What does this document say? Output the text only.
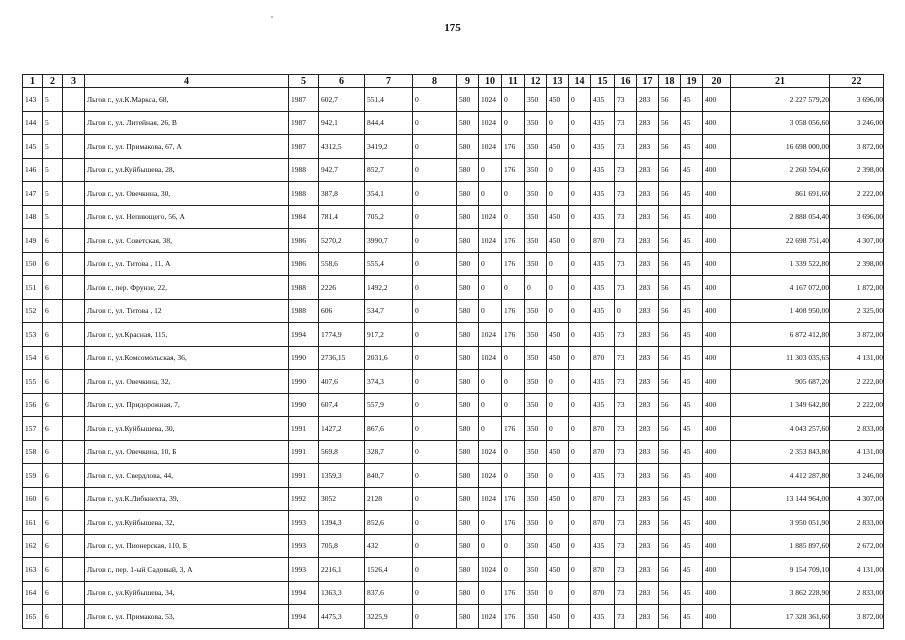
175
1	2	3	4	5	6	7	8	9	10	11	12	13	14	15	16	17	18	19	20	21	22
143	5		Льгов г., ул.К.Маркса, 68,	1987	602,7	551,4	0	580	1024	0	350	450	0	435	73	283	56	45	400	2 227 579,20	3 696,00
144	5		Льгов г., ул. Литейная, 26, В	1987	942,1	844,4	0	580	1024	0	350	0	0	435	73	283	56	45	400	3 058 056,60	3 246,00
145	5		Льгов г., ул. Примакова, 67, А	1987	4312,5	3419,2	0	580	1024	176	350	450	0	435	73	283	56	45	400	16 698 000,00	3 872,00
146	5		Льгов г., ул.Куйбышева, 28,	1988	942,7	852,7	0	580	0	176	350	0	0	435	73	283	56	45	400	2 260 594,60	2 398,00
147	5		Льгов г., ул. Овечкина, 30,	1988	387,8	354,1	0	580	0	0	350	0	0	435	73	283	56	45	400	861 691,60	2 222,00
148	5		Льгов г., ул. Непиющего, 56, А	1984	781,4	705,2	0	580	1024	0	350	450	0	435	73	283	56	45	400	2 888 054,40	3 696,00
149	6		Льгов г., ул. Советская, 38,	1986	5270,2	3990,7	0	580	1024	176	350	450	0	870	73	283	56	45	400	22 698 751,40	4 307,00
150	6		Льгов г., ул. Титова , 11, А	1986	558,6	555,4	0	580	0	176	350	0	0	435	73	283	56	45	400	1 339 522,80	2 398,00
151	6		Льгов г., пер. Фрунзе, 22,	1988	2226	1492,2	0	580	0	0	0	0	0	435	73	283	56	45	400	4 167 072,00	1 872,00
152	6		Льгов г., ул. Титова , 12	1988	606	534,7	0	580	0	176	350	0	0	435	0	283	56	45	400	1 408 950,00	2 325,00
153	6		Льгов г., ул.Красная, 115,	1994	1774,9	917,2	0	580	1024	176	350	450	0	435	73	283	56	45	400	6 872 412,80	3 872,00
154	6		Льгов г., ул.Комсомольская, 36,	1990	2736,15	2031,6	0	580	1024	0	350	450	0	870	73	283	56	45	400	11 303 035,65	4 131,00
155	6		Льгов г., ул. Овечкина, 32,	1990	407,6	374,3	0	580	0	0	350	0	0	435	73	283	56	45	400	905 687,20	2 222,00
156	6		Льгов г., ул. Придорожная, 7,	1990	607,4	557,9	0	580	0	0	350	0	0	435	73	283	56	45	400	1 349 642,80	2 222,00
157	6		Льгов г., ул.Куйбышева, 30,	1991	1427,2	867,6	0	580	0	176	350	0	0	870	73	283	56	45	400	4 043 257,60	2 833,00
158	6		Льгов г., ул. Овечкина, 10, Б	1991	569,8	328,7	0	580	1024	0	350	450	0	870	73	283	56	45	400	2 353 843,80	4 131,00
159	6		Льгов г., ул. Свердлова, 44,	1991	1359,3	840,7	0	580	1024	0	350	0	0	435	73	283	56	45	400	4 412 287,80	3 246,00
160	6		Льгов г., ул.К.Либкнехта, 39,	1992	3052	2128	0	580	1024	176	350	450	0	870	73	283	56	45	400	13 144 964,00	4 307,00
161	6		Льгов г., ул.Куйбышева, 32,	1993	1394,3	852,6	0	580	0	176	350	0	0	870	73	283	56	45	400	3 950 051,90	2 833,00
162	6		Льгов г., ул. Пионерская, 110, Б	1993	705,8	432	0	580	0	0	350	450	0	435	73	283	56	45	400	1 885 897,60	2 672,00
163	6		Льгов г., пер. 1-ый Садовый, 3, А	1993	2216,1	1526,4	0	580	1024	0	350	450	0	870	73	283	56	45	400	9 154 709,10	4 131,00
164	6		Льгов г., ул.Куйбышева, 34,	1994	1363,3	837,6	0	580	0	176	350	0	0	870	73	283	56	45	400	3 862 228,90	2 833,00
165	6		Льгов г., ул. Примакова, 53,	1994	4475,3	3225,9	0	580	1024	176	350	450	0	435	73	283	56	45	400	17 328 361,60	3 872,00
